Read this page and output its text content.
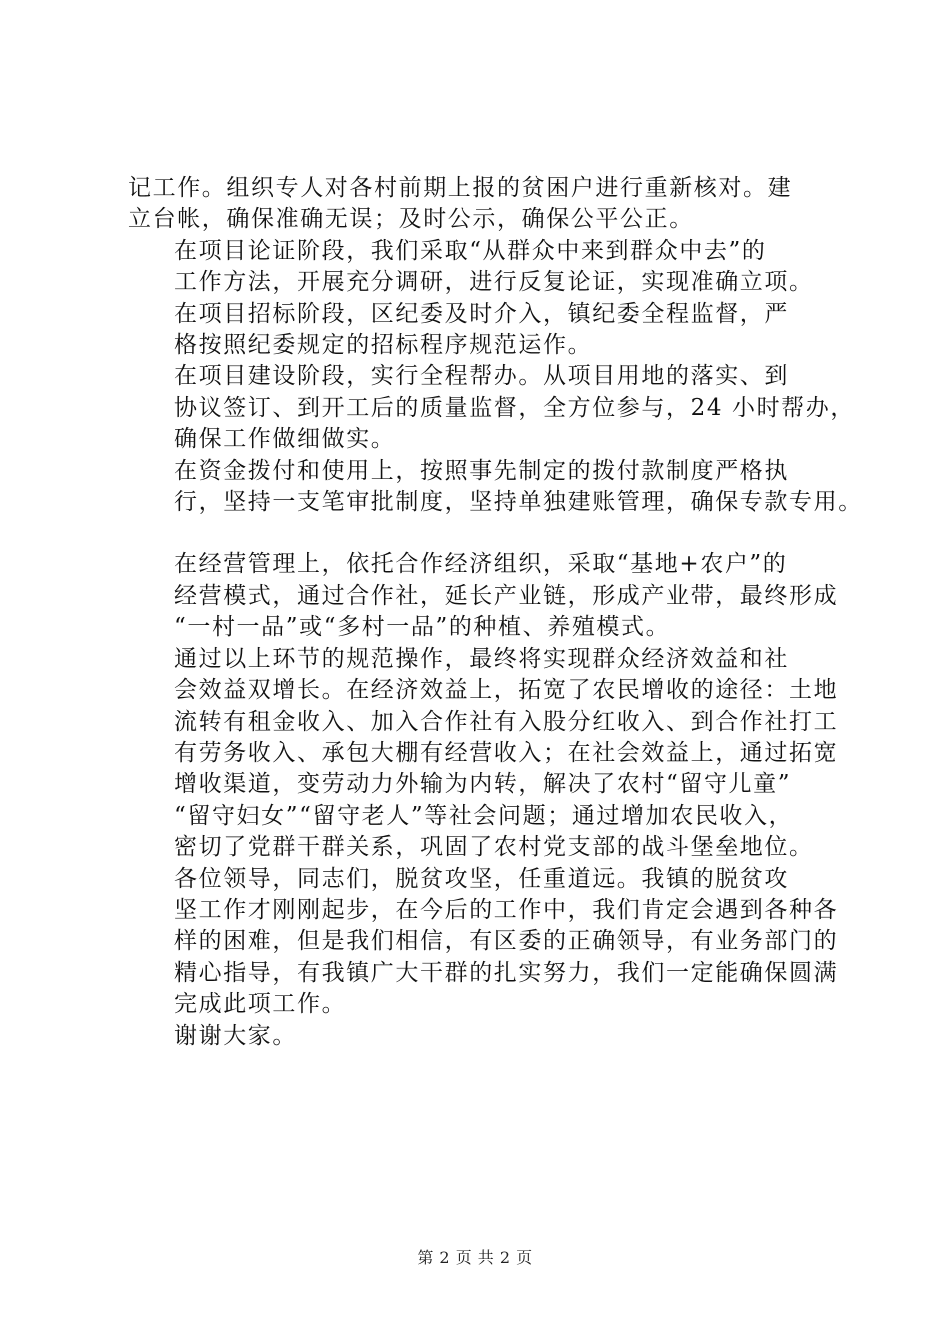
记工作。组织专人对各村前期上报的贫困户进行重新核对。建
立台帐，确保准确无误；及时公示，确保公平公正。

在项目论证阶段，我们采取“从群众中来到群众中去”的
工作方法，开展充分调研，进行反复论证，实现准确立项。

在项目招标阶段，区纪委及时介入，镇纪委全程监督，严
格按照纪委规定的招标程序规范运作。

在项目建设阶段，实行全程帮办。从项目用地的落实、到
协议签订、到开工后的质量监督，全方位参与，24 小时帮办，
确保工作做细做实。

在资金拨付和使用上，按照事先制定的拨付款制度严格执
行，坚持一支笔审批制度，坚持单独建账管理，确保专款专用。

在经营管理上，依托合作经济组织，采取“基地+农户”的
经营模式，通过合作社，延长产业链，形成产业带，最终形成
“一村一品”或“多村一品”的种植、养殖模式。

通过以上环节的规范操作，最终将实现群众经济效益和社
会效益双增长。在经济效益上，拓宽了农民增收的途径：土地
流转有租金收入、加入合作社有入股分红收入、到合作社打工
有劳务收入、承包大棚有经营收入；在社会效益上，通过拓宽
增收渠道，变劳动力外输为内转，解决了农村“留守儿童”
“留守妇女”“留守老人”等社会问题；通过增加农民收入，
密切了党群干群关系，巩固了农村党支部的战斗堡垒地位。

各位领导，同志们，脱贫攻坚，任重道远。我镇的脱贫攻
坚工作才刚刚起步，在今后的工作中，我们肯定会遇到各种各
样的困难，但是我们相信，有区委的正确领导，有业务部门的
精心指导，有我镇广大干群的扎实努力，我们一定能确保圆满
完成此项工作。

谢谢大家。

第 2 页 共 2 页
